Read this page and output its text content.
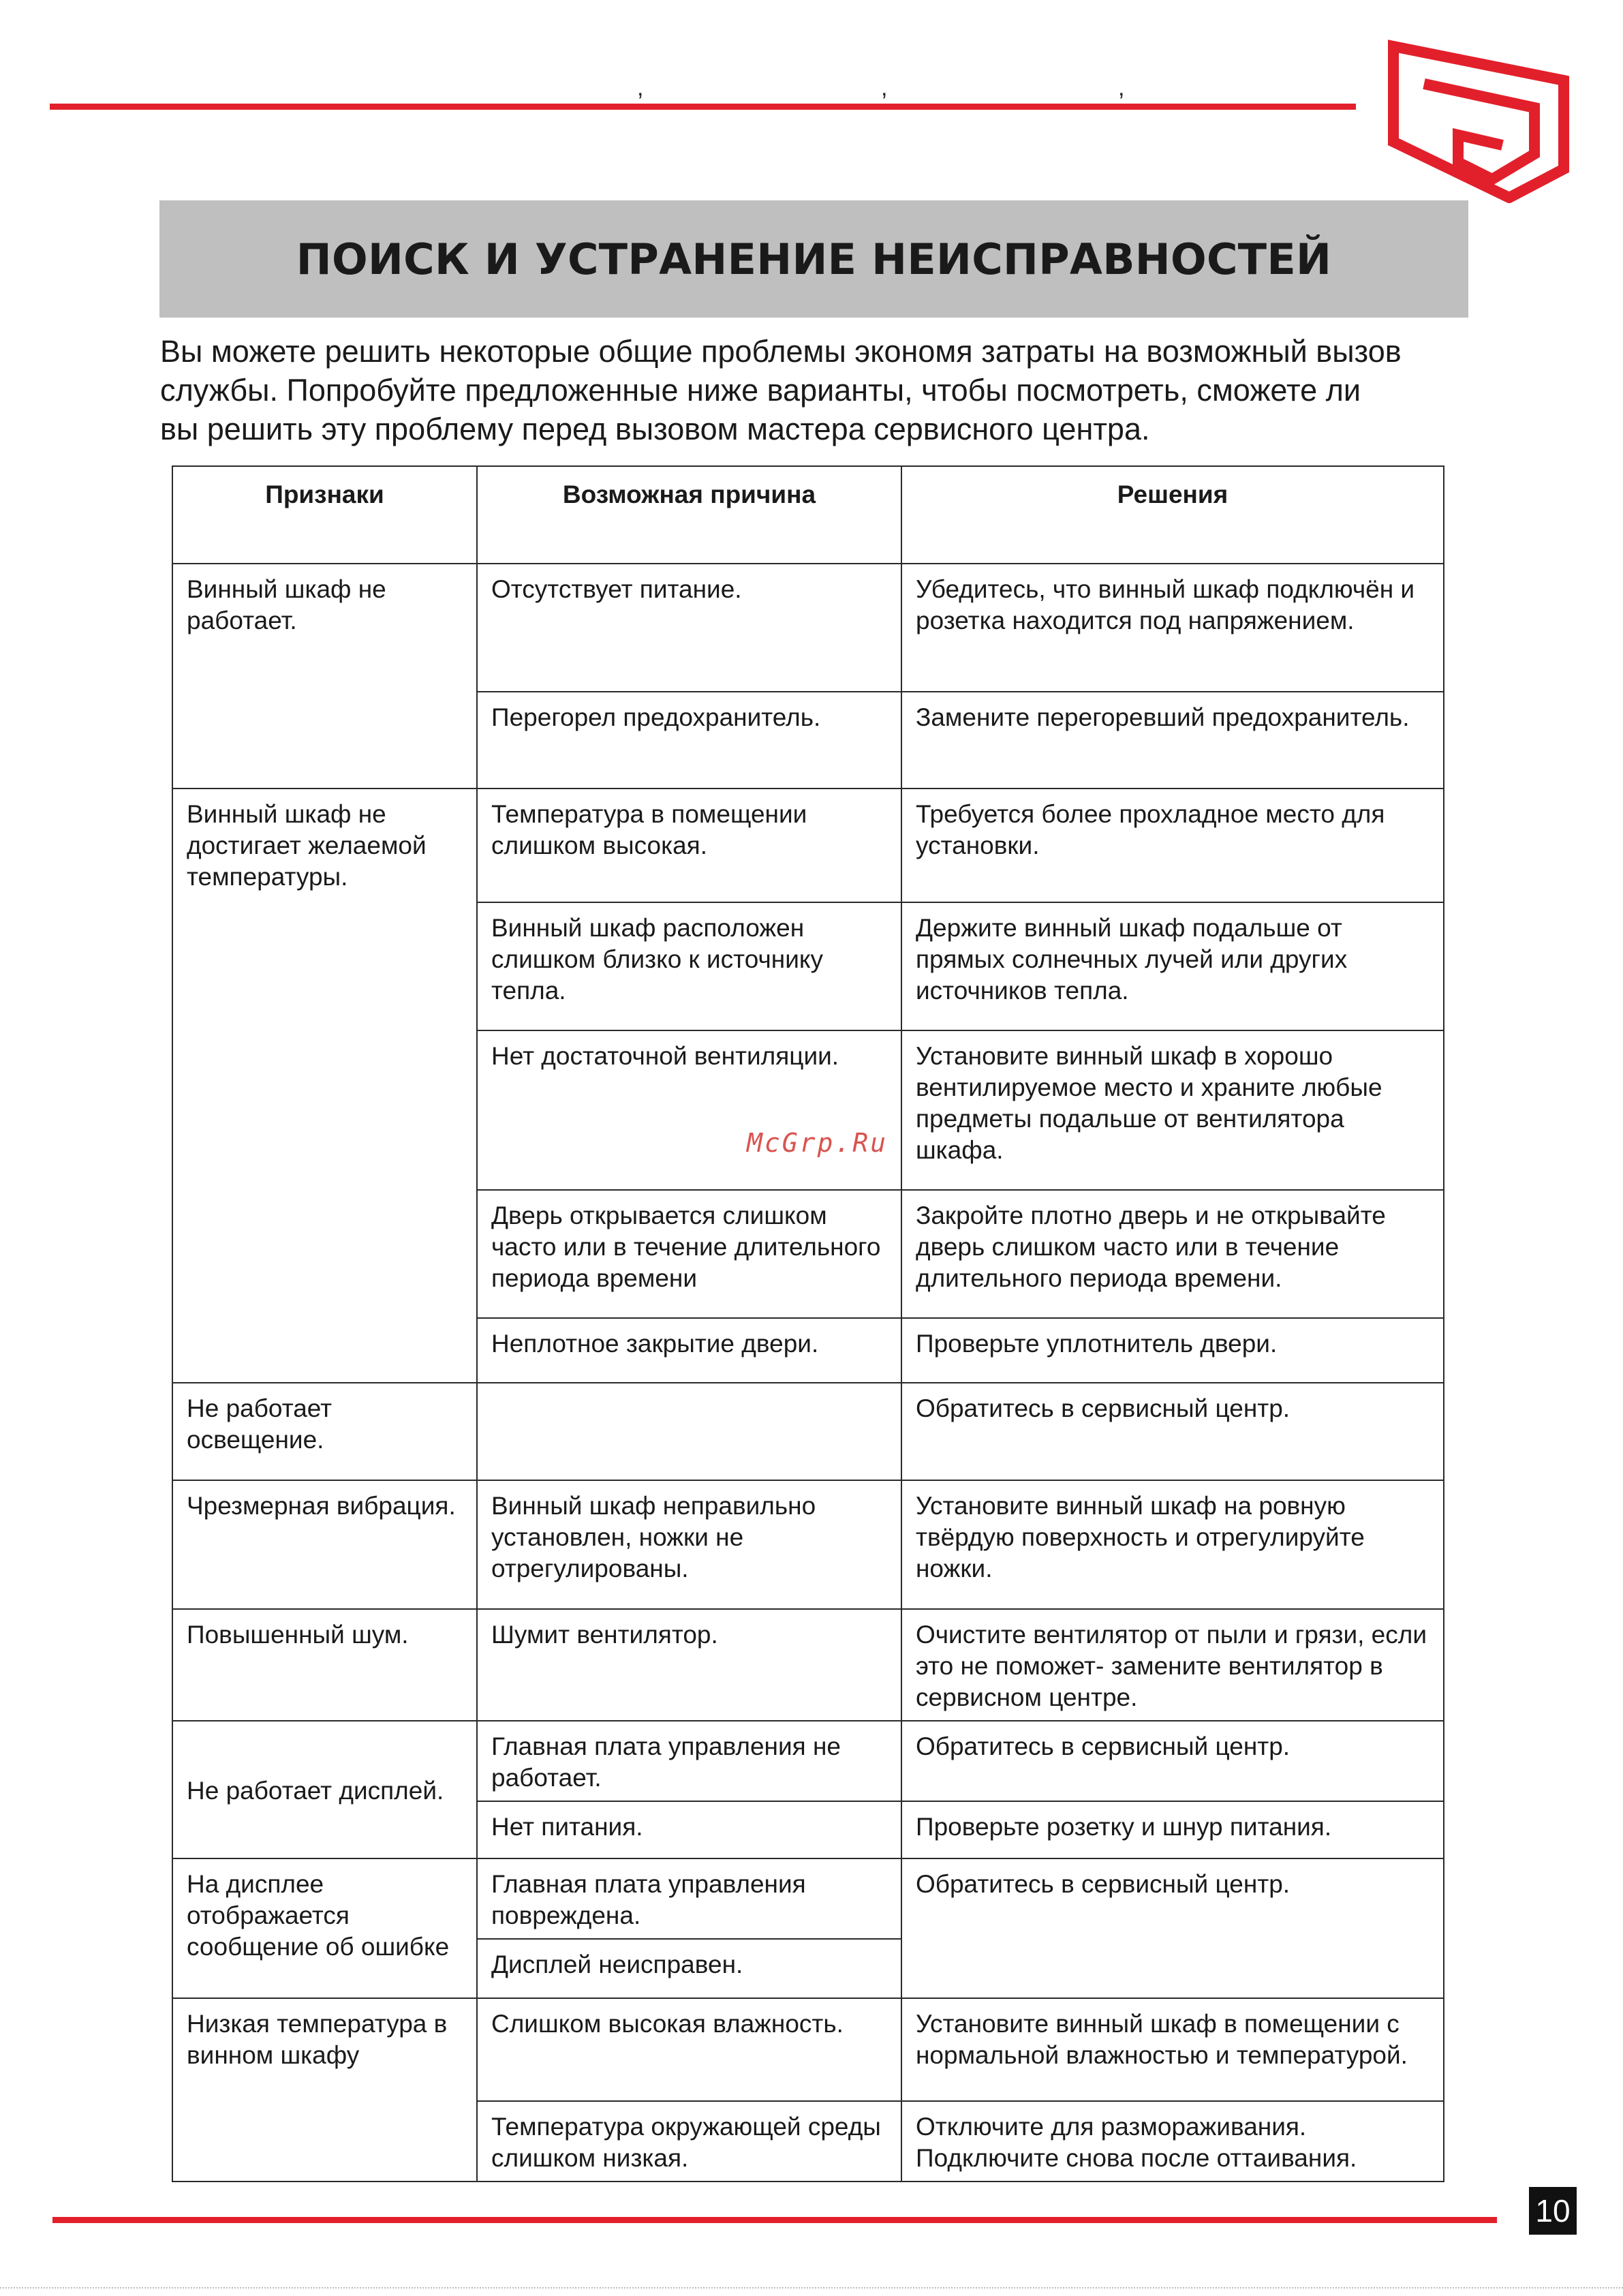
,	,	,
ПОИСК И УСТРАНЕНИЕ НЕИСПРАВНОСТЕЙ

Вы можете решить некоторые общие проблемы экономя затраты на возможный вызов

службы. Попробуйте предложенные ниже варианты, чтобы посмотреть, сможете ли

вы решить эту проблему перед вызовом мастера сервисного центра.

Признаки	Возможная причина	Решения
Винный шкаф не работает.	Отсутствует питание.	Убедитесь, что винный шкаф подключён и розетка находится под напряжением.
	Перегорел предохранитель.	Замените перегоревший предохранитель.
Винный шкаф не достигает желаемой температуры.	Температура в помещении слишком высокая.	Требуется более прохладное место для установки.
	Винный шкаф расположен слишком близко к источнику тепла.	Держите винный шкаф подальше от прямых солнечных лучей или других источников тепла.
	Нет достаточной вентиляции.	Установите винный шкаф в хорошо вентилируемое место и храните любые предметы подальше от вентилятора шкафа.
	Дверь открывается слишком часто или в течение длительного периода времени	Закройте плотно дверь и не открывайте дверь слишком часто или в течение длительного периода времени.
	Неплотное закрытие двери.	Проверьте уплотнитель двери.
Не работает освещение.		Обратитесь в сервисный центр.
Чрезмерная вибрация.	Винный шкаф неправильно установлен, ножки не отрегулированы.	Установите винный шкаф на ровную твёрдую поверхность и отрегулируйте ножки.
Повышенный шум.	Шумит вентилятор.	Очистите вентилятор от пыли и грязи, если это не поможет- замените вентилятор в сервисном центре.
Не работает дисплей.	Главная плата управления не работает.	Обратитесь в сервисный центр.
	Нет питания.	Проверьте розетку и шнур питания.
На дисплее отображается сообщение об ошибке	Главная плата управления повреждена.	Обратитесь в сервисный центр.
	Дисплей неисправен.	
Низкая температура в винном шкафу	Слишком высокая влажность.	Установите винный шкаф в помещении с нормальной влажностью и температурой.
	Температура окружающей среды слишком низкая.	Отключите для размораживания. Подключите снова после оттаивания.
McGrp.Ru
10
